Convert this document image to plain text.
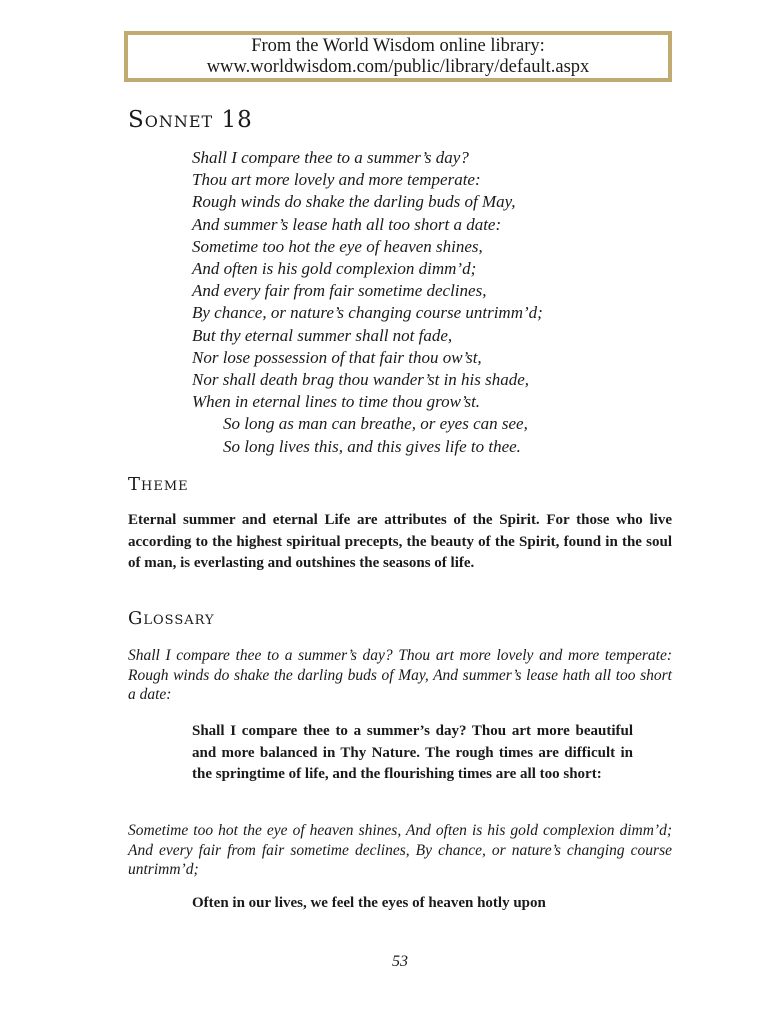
From the World Wisdom online library:
www.worldwisdom.com/public/library/default.aspx
Sonnet 18
Shall I compare thee to a summer’s day?
Thou art more lovely and more temperate:
Rough winds do shake the darling buds of May,
And summer’s lease hath all too short a date:
Sometime too hot the eye of heaven shines,
And often is his gold complexion dimm’d;
And every fair from fair sometime declines,
By chance, or nature’s changing course untrimm’d;
But thy eternal summer shall not fade,
Nor lose possession of that fair thou ow’st,
Nor shall death brag thou wander’st in his shade,
When in eternal lines to time thou grow’st.
So long as man can breathe, or eyes can see,
So long lives this, and this gives life to thee.
Theme

Eternal summer and eternal Life are attributes of the Spirit. For those who live according to the highest spiritual precepts, the beauty of the Spirit, found in the soul of man, is everlasting and outshines the seasons of life.

Glossary

Shall I compare thee to a summer’s day? Thou art more lovely and more temperate: Rough winds do shake the darling buds of May, And summer’s lease hath all too short a date:

Shall I compare thee to a summer’s day? Thou art more beautiful and more balanced in Thy Nature. The rough times are difficult in the springtime of life, and the flourishing times are all too short:

Sometime too hot the eye of heaven shines, And often is his gold complexion dimm’d; And every fair from fair sometime declines, By chance, or nature’s changing course untrimm’d;

Often in our lives, we feel the eyes of heaven hotly upon

53
